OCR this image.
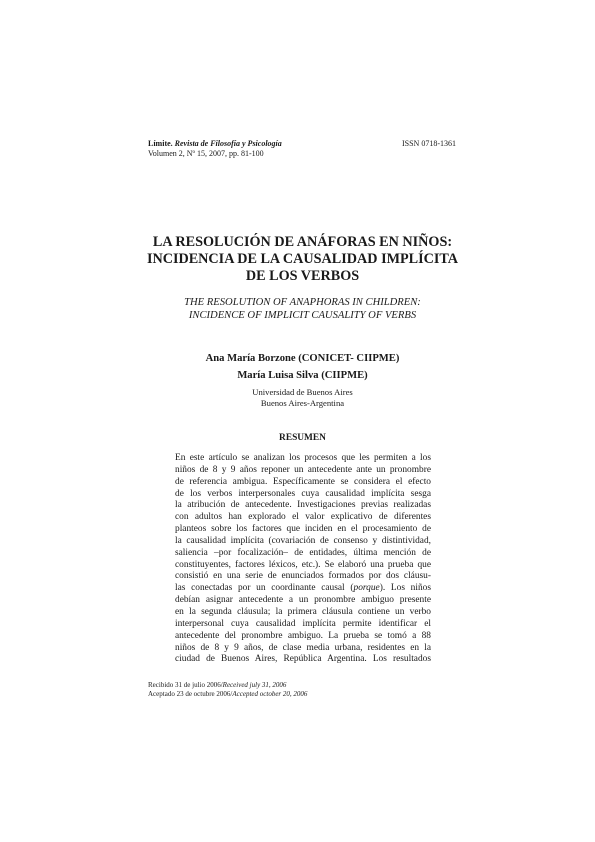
Límite. Revista de Filosofía y Psicología	ISSN 0718-1361
Volumen 2, Nº 15, 2007, pp. 81-100
LA RESOLUCIÓN DE ANÁFORAS EN NIÑOS:
INCIDENCIA DE LA CAUSALIDAD IMPLÍCITA
DE LOS VERBOS
THE RESOLUTION OF ANAPHORAS IN CHILDREN:
INCIDENCE OF IMPLICIT CAUSALITY OF VERBS
Ana María Borzone (CONICET- CIIPME)
María Luisa Silva (CIIPME)
Universidad de Buenos Aires
Buenos Aires-Argentina
RESUMEN
En este artículo se analizan los procesos que les permiten a los
niños de 8 y 9 años reponer un antecedente ante un pronombre
de referencia ambigua. Específicamente se considera el efecto
de los verbos interpersonales cuya causalidad implícita sesga
la atribución de antecedente. Investigaciones previas realizadas
con adultos han explorado el valor explicativo de diferentes
planteos sobre los factores que inciden en el procesamiento de
la causalidad implícita (covariación de consenso y distintividad,
saliencia –por focalización– de entidades, última mención de
constituyentes, factores léxicos, etc.). Se elaboró una prueba que
consistió en una serie de enunciados formados por dos cláusu-
las conectadas por un coordinante causal (porque). Los niños
debían asignar antecedente a un pronombre ambiguo presente
en la segunda cláusula; la primera cláusula contiene un verbo
interpersonal cuya causalidad implícita permite identificar el
antecedente del pronombre ambiguo. La prueba se tomó a 88
niños de 8 y 9 años, de clase media urbana, residentes en la
ciudad de Buenos Aires, República Argentina. Los resultados
Recibido 31 de julio 2006/Received july 31, 2006
Aceptado 23 de octubre 2006/Accepted october 20, 2006
